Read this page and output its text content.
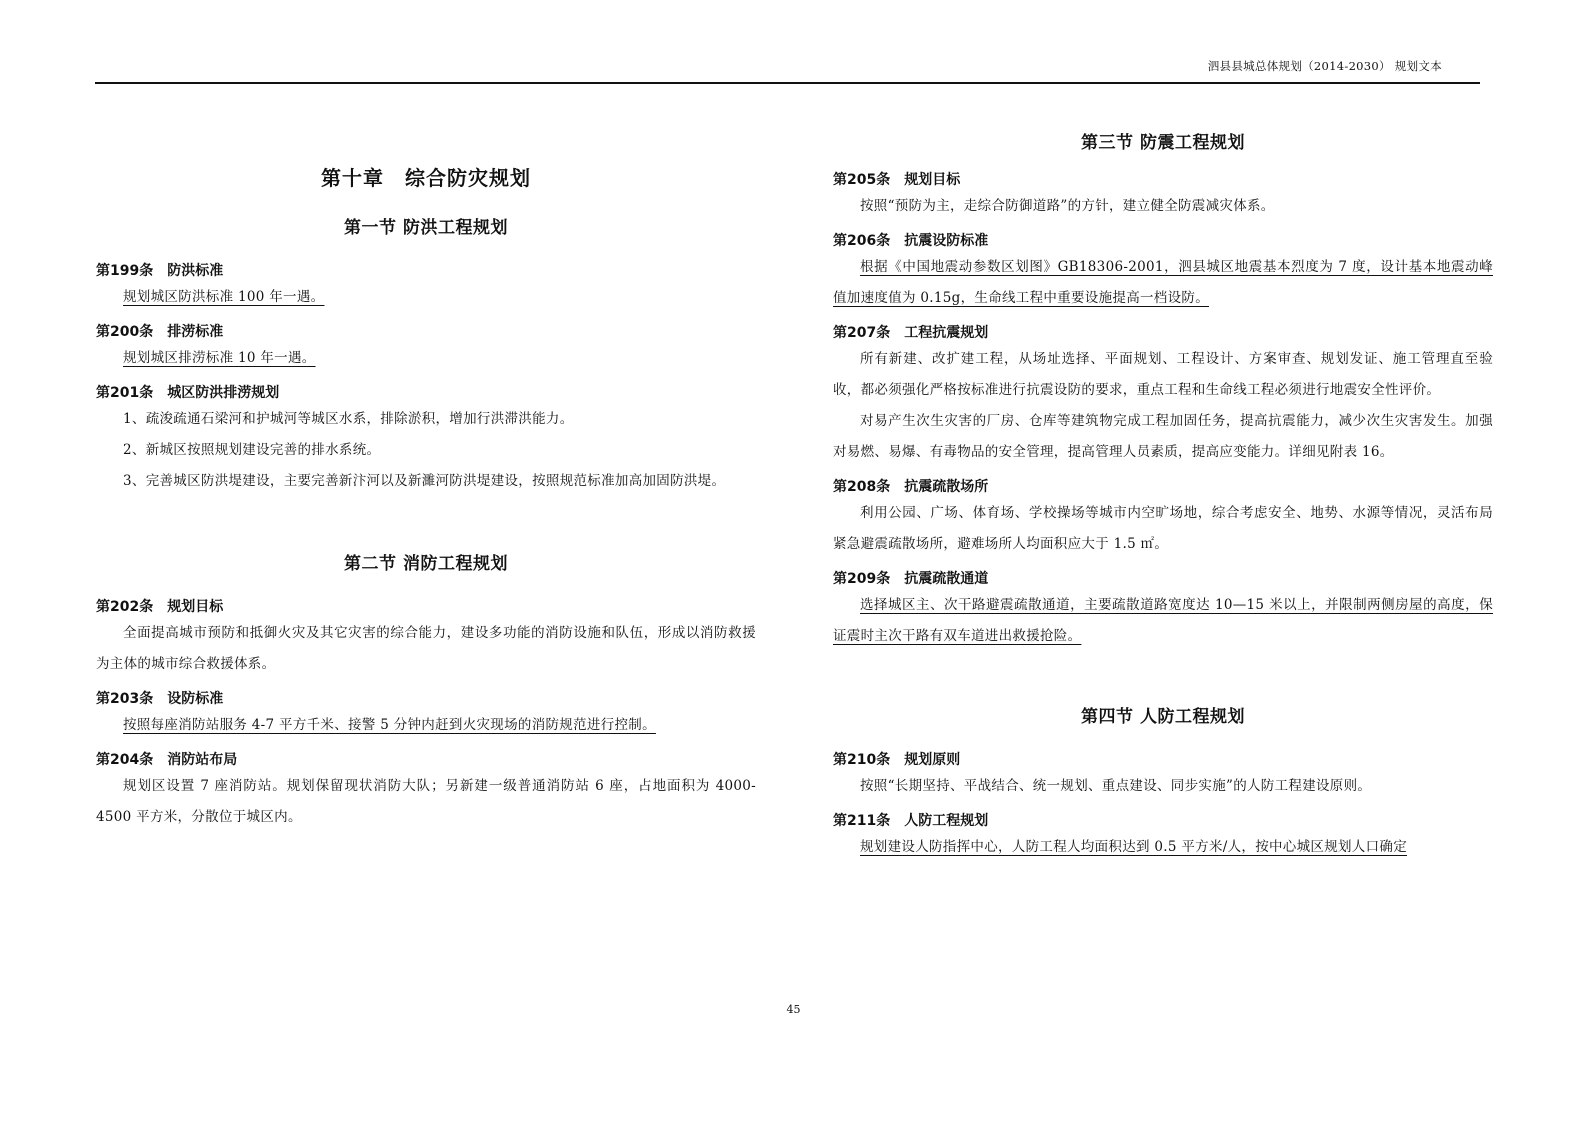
泗县县城总体规划（2014-2030） 规划文本
第十章　综合防灾规划
第一节 防洪工程规划
第199条 防洪标准

规划城区防洪标准 100 年一遇。

第200条 排涝标准

规划城区排涝标准 10 年一遇。

第201条 城区防洪排涝规划

1、疏浚疏通石梁河和护城河等城区水系，排除淤积，增加行洪滞洪能力。

2、新城区按照规划建设完善的排水系统。

3、完善城区防洪堤建设，主要完善新汴河以及新濉河防洪堤建设，按照规范标准加高加固防洪堤。

第二节 消防工程规划
第202条 规划目标

全面提高城市预防和抵御火灾及其它灾害的综合能力，建设多功能的消防设施和队伍，形成以消防救援为主体的城市综合救援体系。

第203条 设防标准

按照每座消防站服务 4-7 平方千米、接警 5 分钟内赶到火灾现场的消防规范进行控制。

第204条 消防站布局

规划区设置 7 座消防站。规划保留现状消防大队；另新建一级普通消防站 6 座，占地面积为 4000-4500 平方米，分散位于城区内。

第三节 防震工程规划
第205条 规划目标

按照“预防为主，走综合防御道路”的方针，建立健全防震减灾体系。

第206条 抗震设防标准

根据《中国地震动参数区划图》GB18306-2001，泗县城区地震基本烈度为 7 度，设计基本地震动峰值加速度值为 0.15g，生命线工程中重要设施提高一档设防。

第207条 工程抗震规划

所有新建、改扩建工程，从场址选择、平面规划、工程设计、方案审查、规划发证、施工管理直至验收，都必须强化严格按标准进行抗震设防的要求，重点工程和生命线工程必须进行地震安全性评价。

对易产生次生灾害的厂房、仓库等建筑物完成工程加固任务，提高抗震能力，减少次生灾害发生。加强对易燃、易爆、有毒物品的安全管理，提高管理人员素质，提高应变能力。详细见附表 16。

第208条 抗震疏散场所

利用公园、广场、体育场、学校操场等城市内空旷场地，综合考虑安全、地势、水源等情况，灵活布局紧急避震疏散场所，避难场所人均面积应大于 1.5 ㎡。

第209条 抗震疏散通道

选择城区主、次干路避震疏散通道，主要疏散道路宽度达 10—15 米以上，并限制两侧房屋的高度，保证震时主次干路有双车道进出救援抢险。

第四节 人防工程规划
第210条 规划原则

按照“长期坚持、平战结合、统一规划、重点建设、同步实施”的人防工程建设原则。

第211条 人防工程规划

规划建设人防指挥中心，人防工程人均面积达到 0.5 平方米/人，按中心城区规划人口确定

45
